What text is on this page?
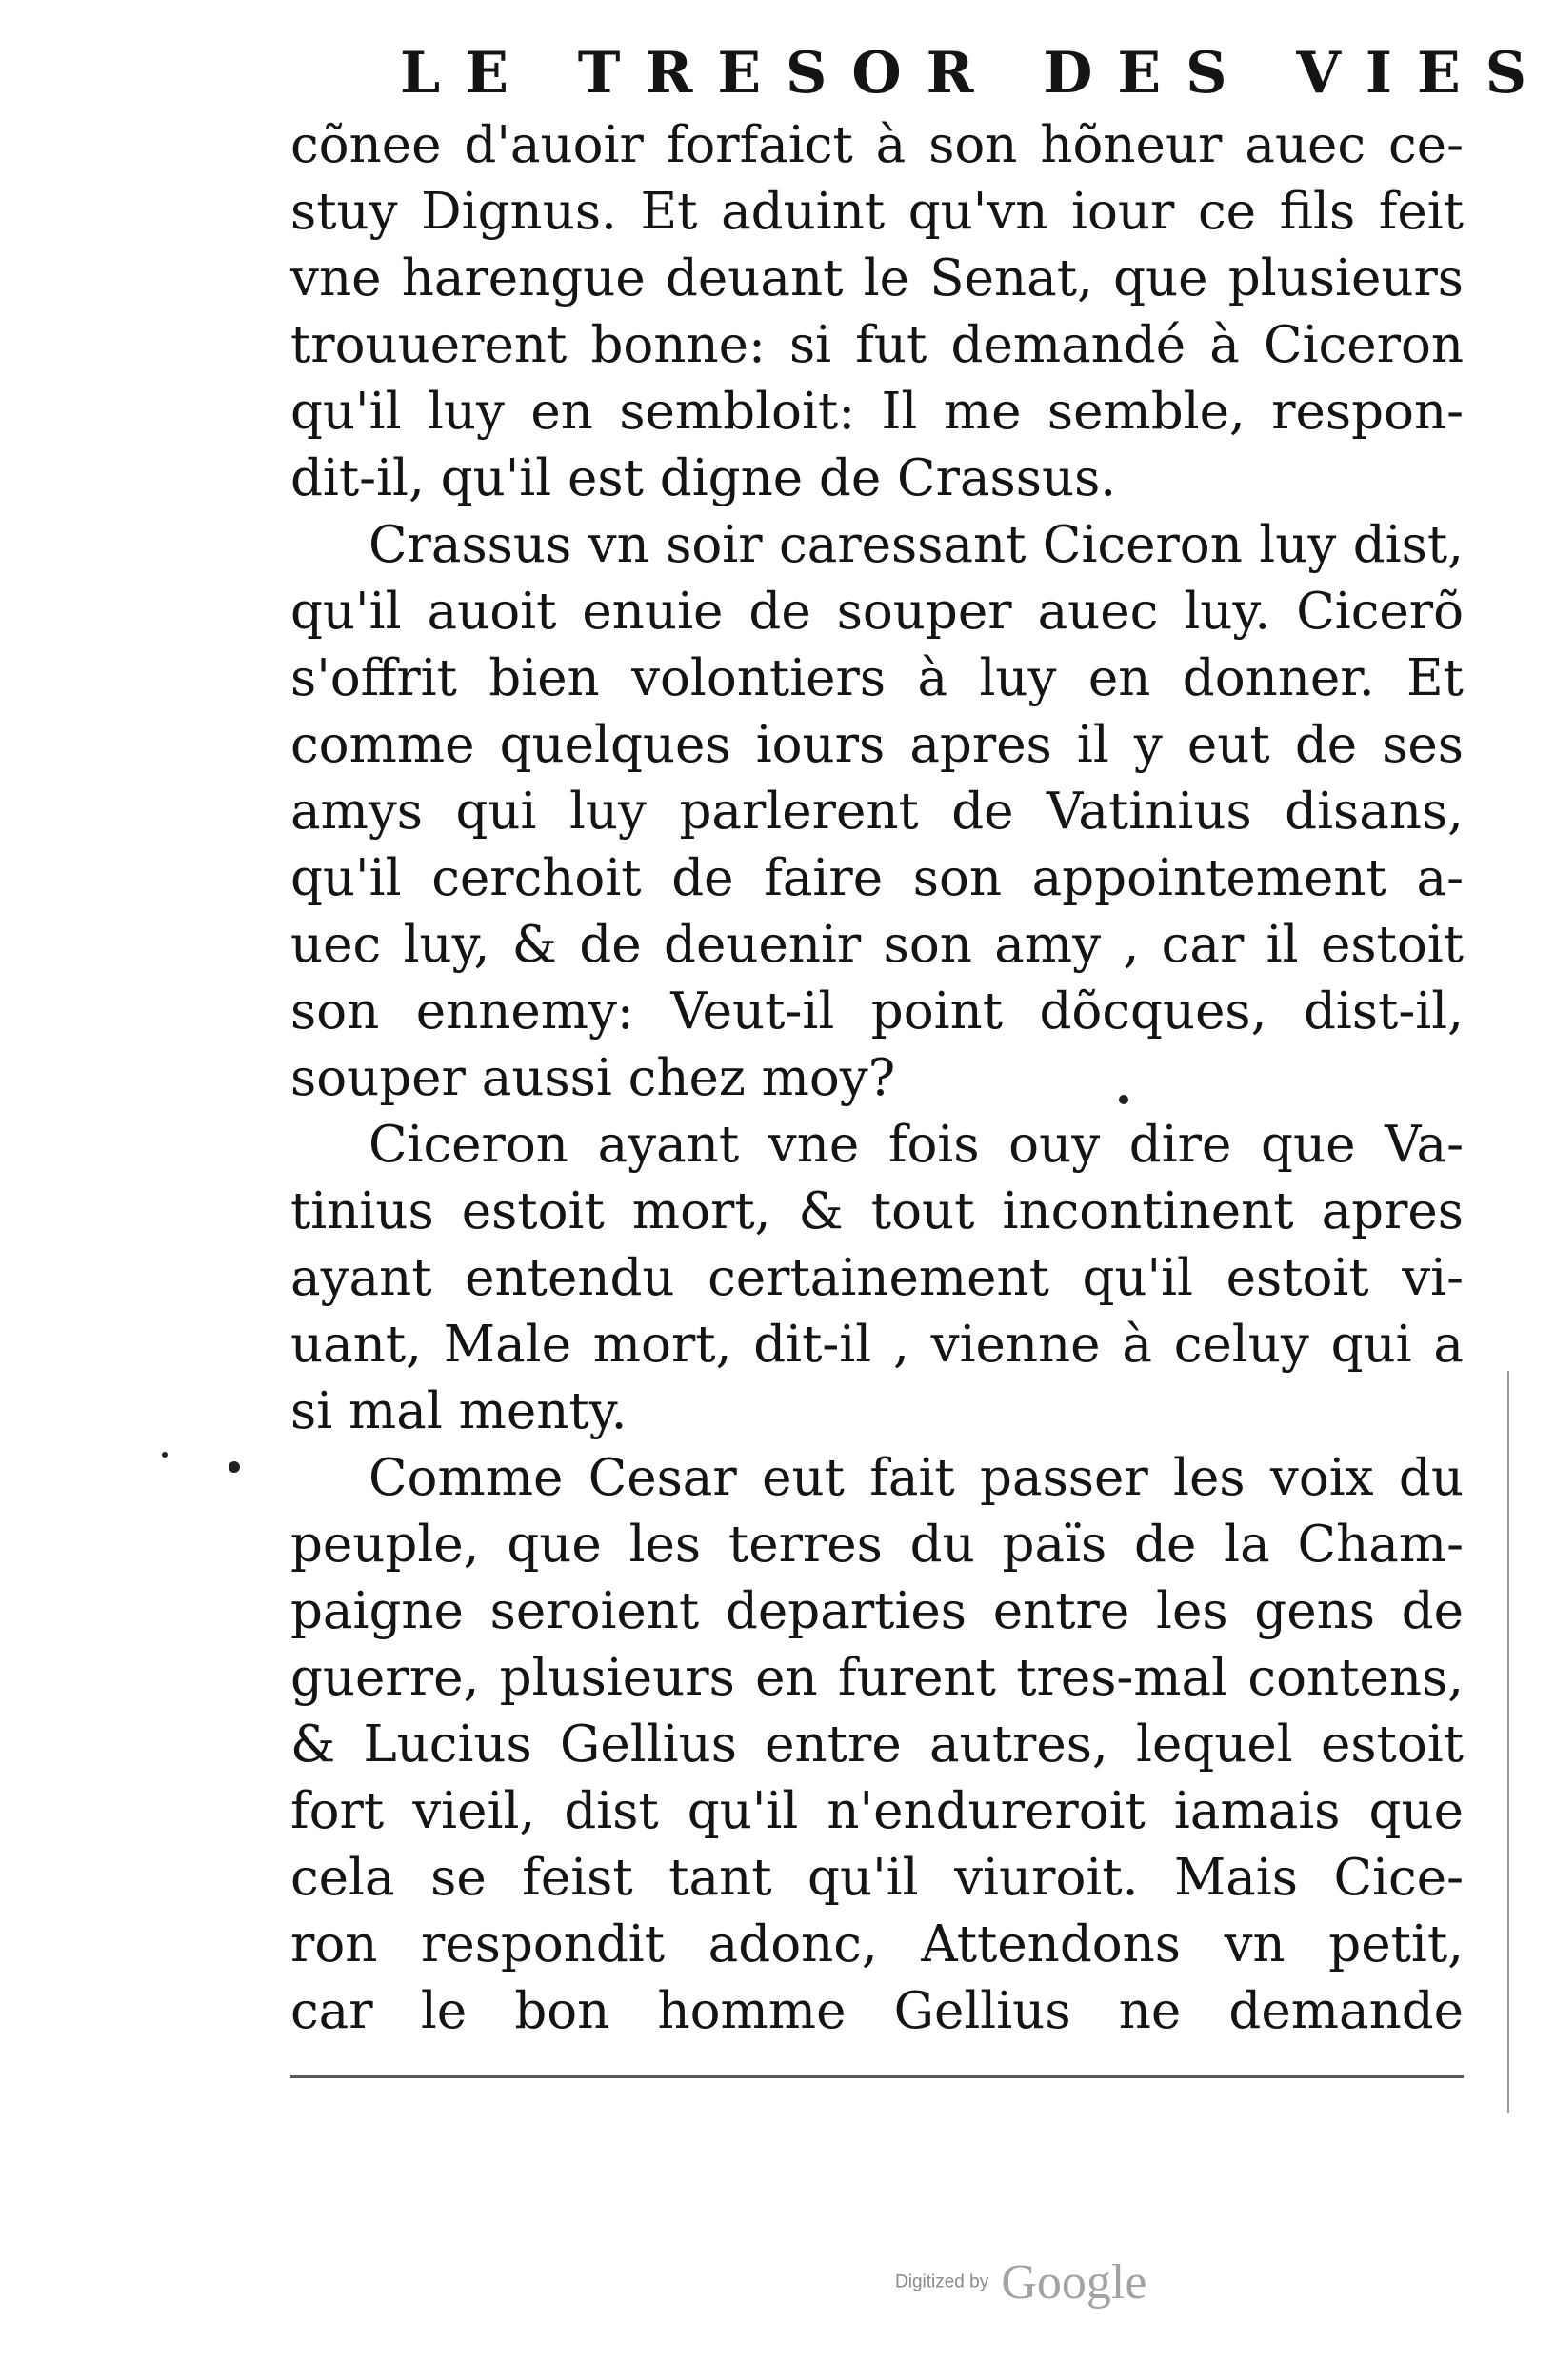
LE TRESOR DES VIES
cõnee d'auoir forfaict à son hõneur auec ce-
stuy Dignus. Et aduint qu'vn iour ce fils feit
vne harengue deuant le Senat, que plusieurs
trouuerent bonne: si fut demandé à Ciceron
qu'il luy en sembloit: Il me semble, respon-
dit-il, qu'il est digne de Crassus.
Crassus vn soir caressant Ciceron luy dist,
qu'il auoit enuie de souper auec luy. Cicerõ
s'offrit bien volontiers à luy en donner. Et
comme quelques iours apres il y eut de ses
amys qui luy parlerent de Vatinius disans,
qu'il cerchoit de faire son appointement a-
uec luy, & de deuenir son amy , car il estoit
son ennemy: Veut-il point dõcques, dist-il,
souper aussi chez moy?
Ciceron ayant vne fois ouy dire que Va-
tinius estoit mort, & tout incontinent apres
ayant entendu certainement qu'il estoit vi-
uant, Male mort, dit-il , vienne à celuy qui a
si mal menty.
Comme Cesar eut fait passer les voix du
peuple, que les terres du païs de la Cham-
paigne seroient departies entre les gens de
guerre, plusieurs en furent tres-mal contens,
& Lucius Gellius entre autres, lequel estoit
fort vieil, dist qu'il n'endureroit iamais que
cela se feist tant qu'il viuroit. Mais Cice-
ron respondit adonc, Attendons vn petit,
car le bon homme Gellius ne demande
Digitized by Google
